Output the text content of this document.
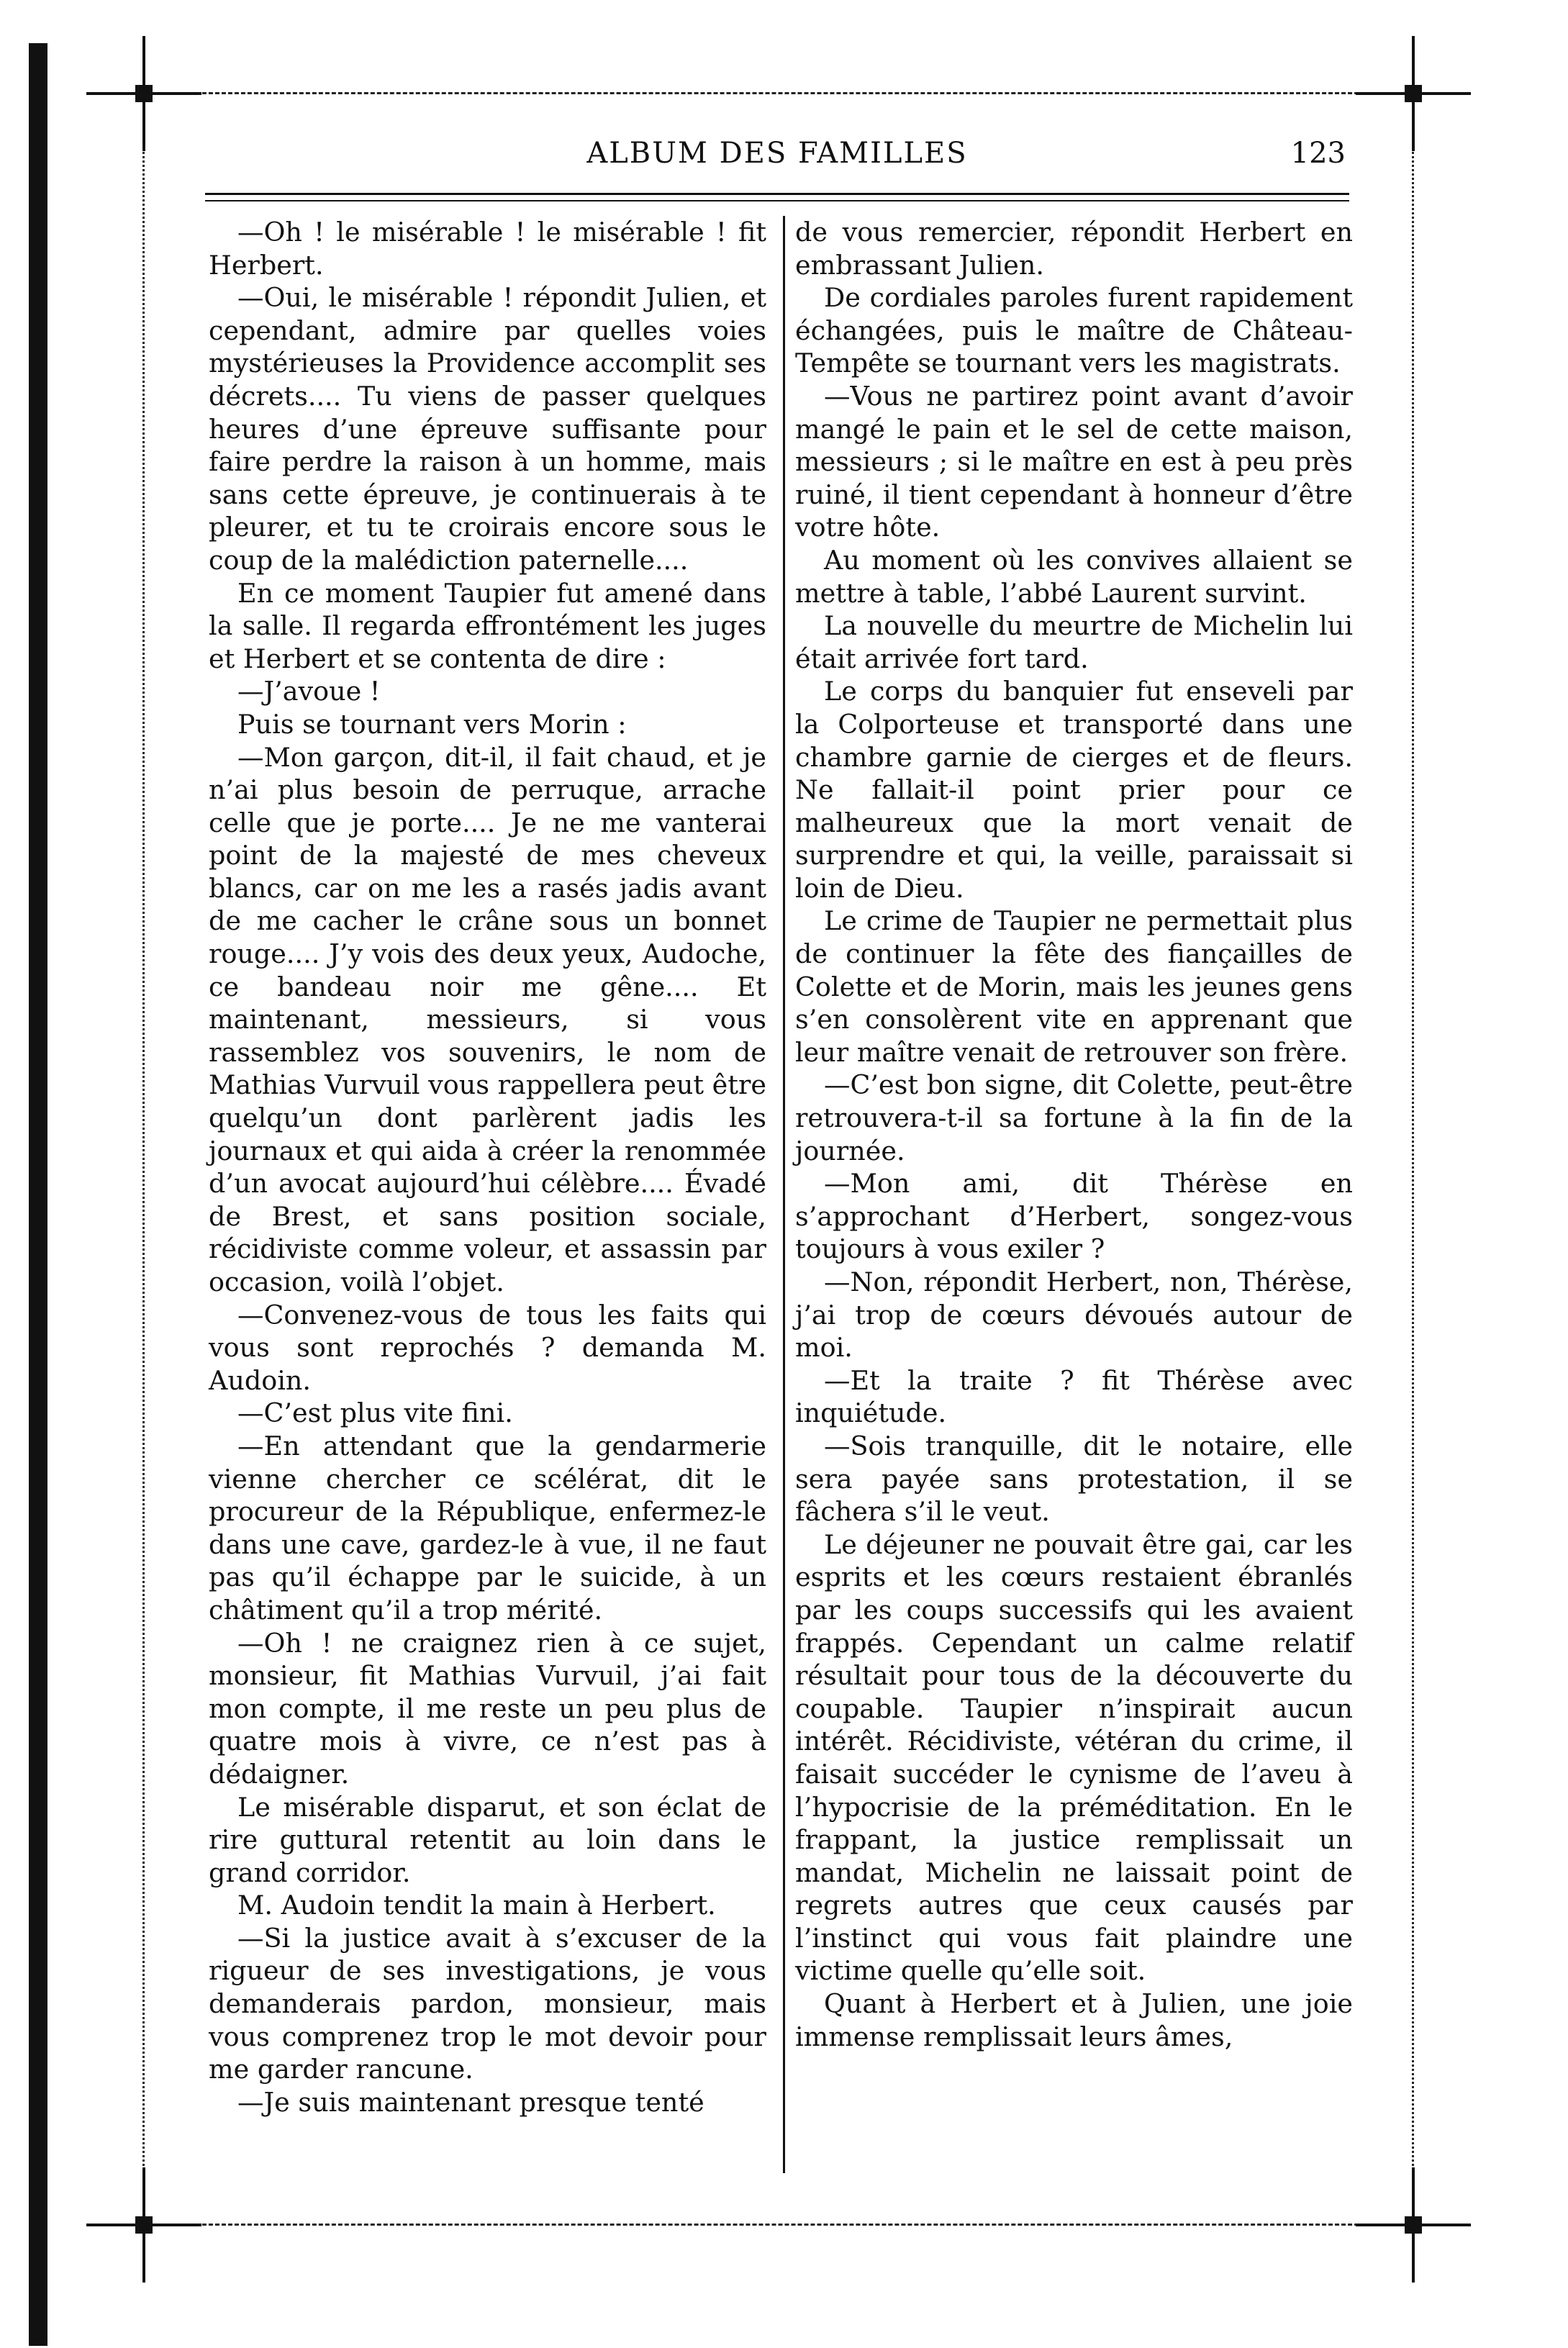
ALBUM DES FAMILLES	123

—Oh ! le misérable ! le misérable ! fit Herbert.

—Oui, le misérable ! répondit Julien, et cependant, admire par quelles voies mystérieuses la Providence accomplit ses décrets.... Tu viens de passer quelques heures d’une épreuve suffisante pour faire perdre la raison à un homme, mais sans cette épreuve, je continuerais à te pleurer, et tu te croirais encore sous le coup de la malédiction paternelle....

En ce moment Taupier fut amené dans la salle. Il regarda effrontément les juges et Herbert et se contenta de dire :

—J’avoue !

Puis se tournant vers Morin :

—Mon garçon, dit-il, il fait chaud, et je n’ai plus besoin de perruque, arrache celle que je porte.... Je ne me vanterai point de la majesté de mes cheveux blancs, car on me les a rasés jadis avant de me cacher le crâne sous un bonnet rouge.... J’y vois des deux yeux, Audoche, ce bandeau noir me gêne.... Et maintenant, messieurs, si vous rassemblez vos souvenirs, le nom de Mathias Vurvuil vous rappellera peut être quelqu’un dont parlèrent jadis les journaux et qui aida à créer la renommée d’un avocat aujourd’hui célèbre.... Évadé de Brest, et sans position sociale, récidiviste comme voleur, et assassin par occasion, voilà l’objet.

—Convenez-vous de tous les faits qui vous sont reprochés ? demanda M. Audoin.

—C’est plus vite fini.

—En attendant que la gendarmerie vienne chercher ce scélérat, dit le procureur de la République, enfermez-le dans une cave, gardez-le à vue, il ne faut pas qu’il échappe par le suicide, à un châtiment qu’il a trop mérité.

—Oh ! ne craignez rien à ce sujet, monsieur, fit Mathias Vurvuil, j’ai fait mon compte, il me reste un peu plus de quatre mois à vivre, ce n’est pas à dédaigner.

Le misérable disparut, et son éclat de rire guttural retentit au loin dans le grand corridor.

M. Audoin tendit la main à Herbert.

—Si la justice avait à s’excuser de la rigueur de ses investigations, je vous demanderais pardon, monsieur, mais vous comprenez trop le mot devoir pour me garder rancune.

—Je suis maintenant presque tenté

de vous remercier, répondit Herbert en embrassant Julien.

De cordiales paroles furent rapidement échangées, puis le maître de Château-Tempête se tournant vers les magistrats.

—Vous ne partirez point avant d’avoir mangé le pain et le sel de cette maison, messieurs ; si le maître en est à peu près ruiné, il tient cependant à honneur d’être votre hôte.

Au moment où les convives allaient se mettre à table, l’abbé Laurent survint.

La nouvelle du meurtre de Michelin lui était arrivée fort tard.

Le corps du banquier fut enseveli par la Colporteuse et transporté dans une chambre garnie de cierges et de fleurs. Ne fallait-il point prier pour ce malheureux que la mort venait de surprendre et qui, la veille, paraissait si loin de Dieu.

Le crime de Taupier ne permettait plus de continuer la fête des fiançailles de Colette et de Morin, mais les jeunes gens s’en consolèrent vite en apprenant que leur maître venait de retrouver son frère.

—C’est bon signe, dit Colette, peut-être retrouvera-t-il sa fortune à la fin de la journée.

—Mon ami, dit Thérèse en s’approchant d’Herbert, songez-vous toujours à vous exiler ?

—Non, répondit Herbert, non, Thérèse, j’ai trop de cœurs dévoués autour de moi.

—Et la traite ? fit Thérèse avec inquiétude.

—Sois tranquille, dit le notaire, elle sera payée sans protestation, il se fâchera s’il le veut.

Le déjeuner ne pouvait être gai, car les esprits et les cœurs restaient ébranlés par les coups successifs qui les avaient frappés. Cependant un calme relatif résultait pour tous de la découverte du coupable. Taupier n’inspirait aucun intérêt. Récidiviste, vétéran du crime, il faisait succéder le cynisme de l’aveu à l’hypocrisie de la préméditation. En le frappant, la justice remplissait un mandat, Michelin ne laissait point de regrets autres que ceux causés par l’instinct qui vous fait plaindre une victime quelle qu’elle soit.

Quant à Herbert et à Julien, une joie immense remplissait leurs âmes,
